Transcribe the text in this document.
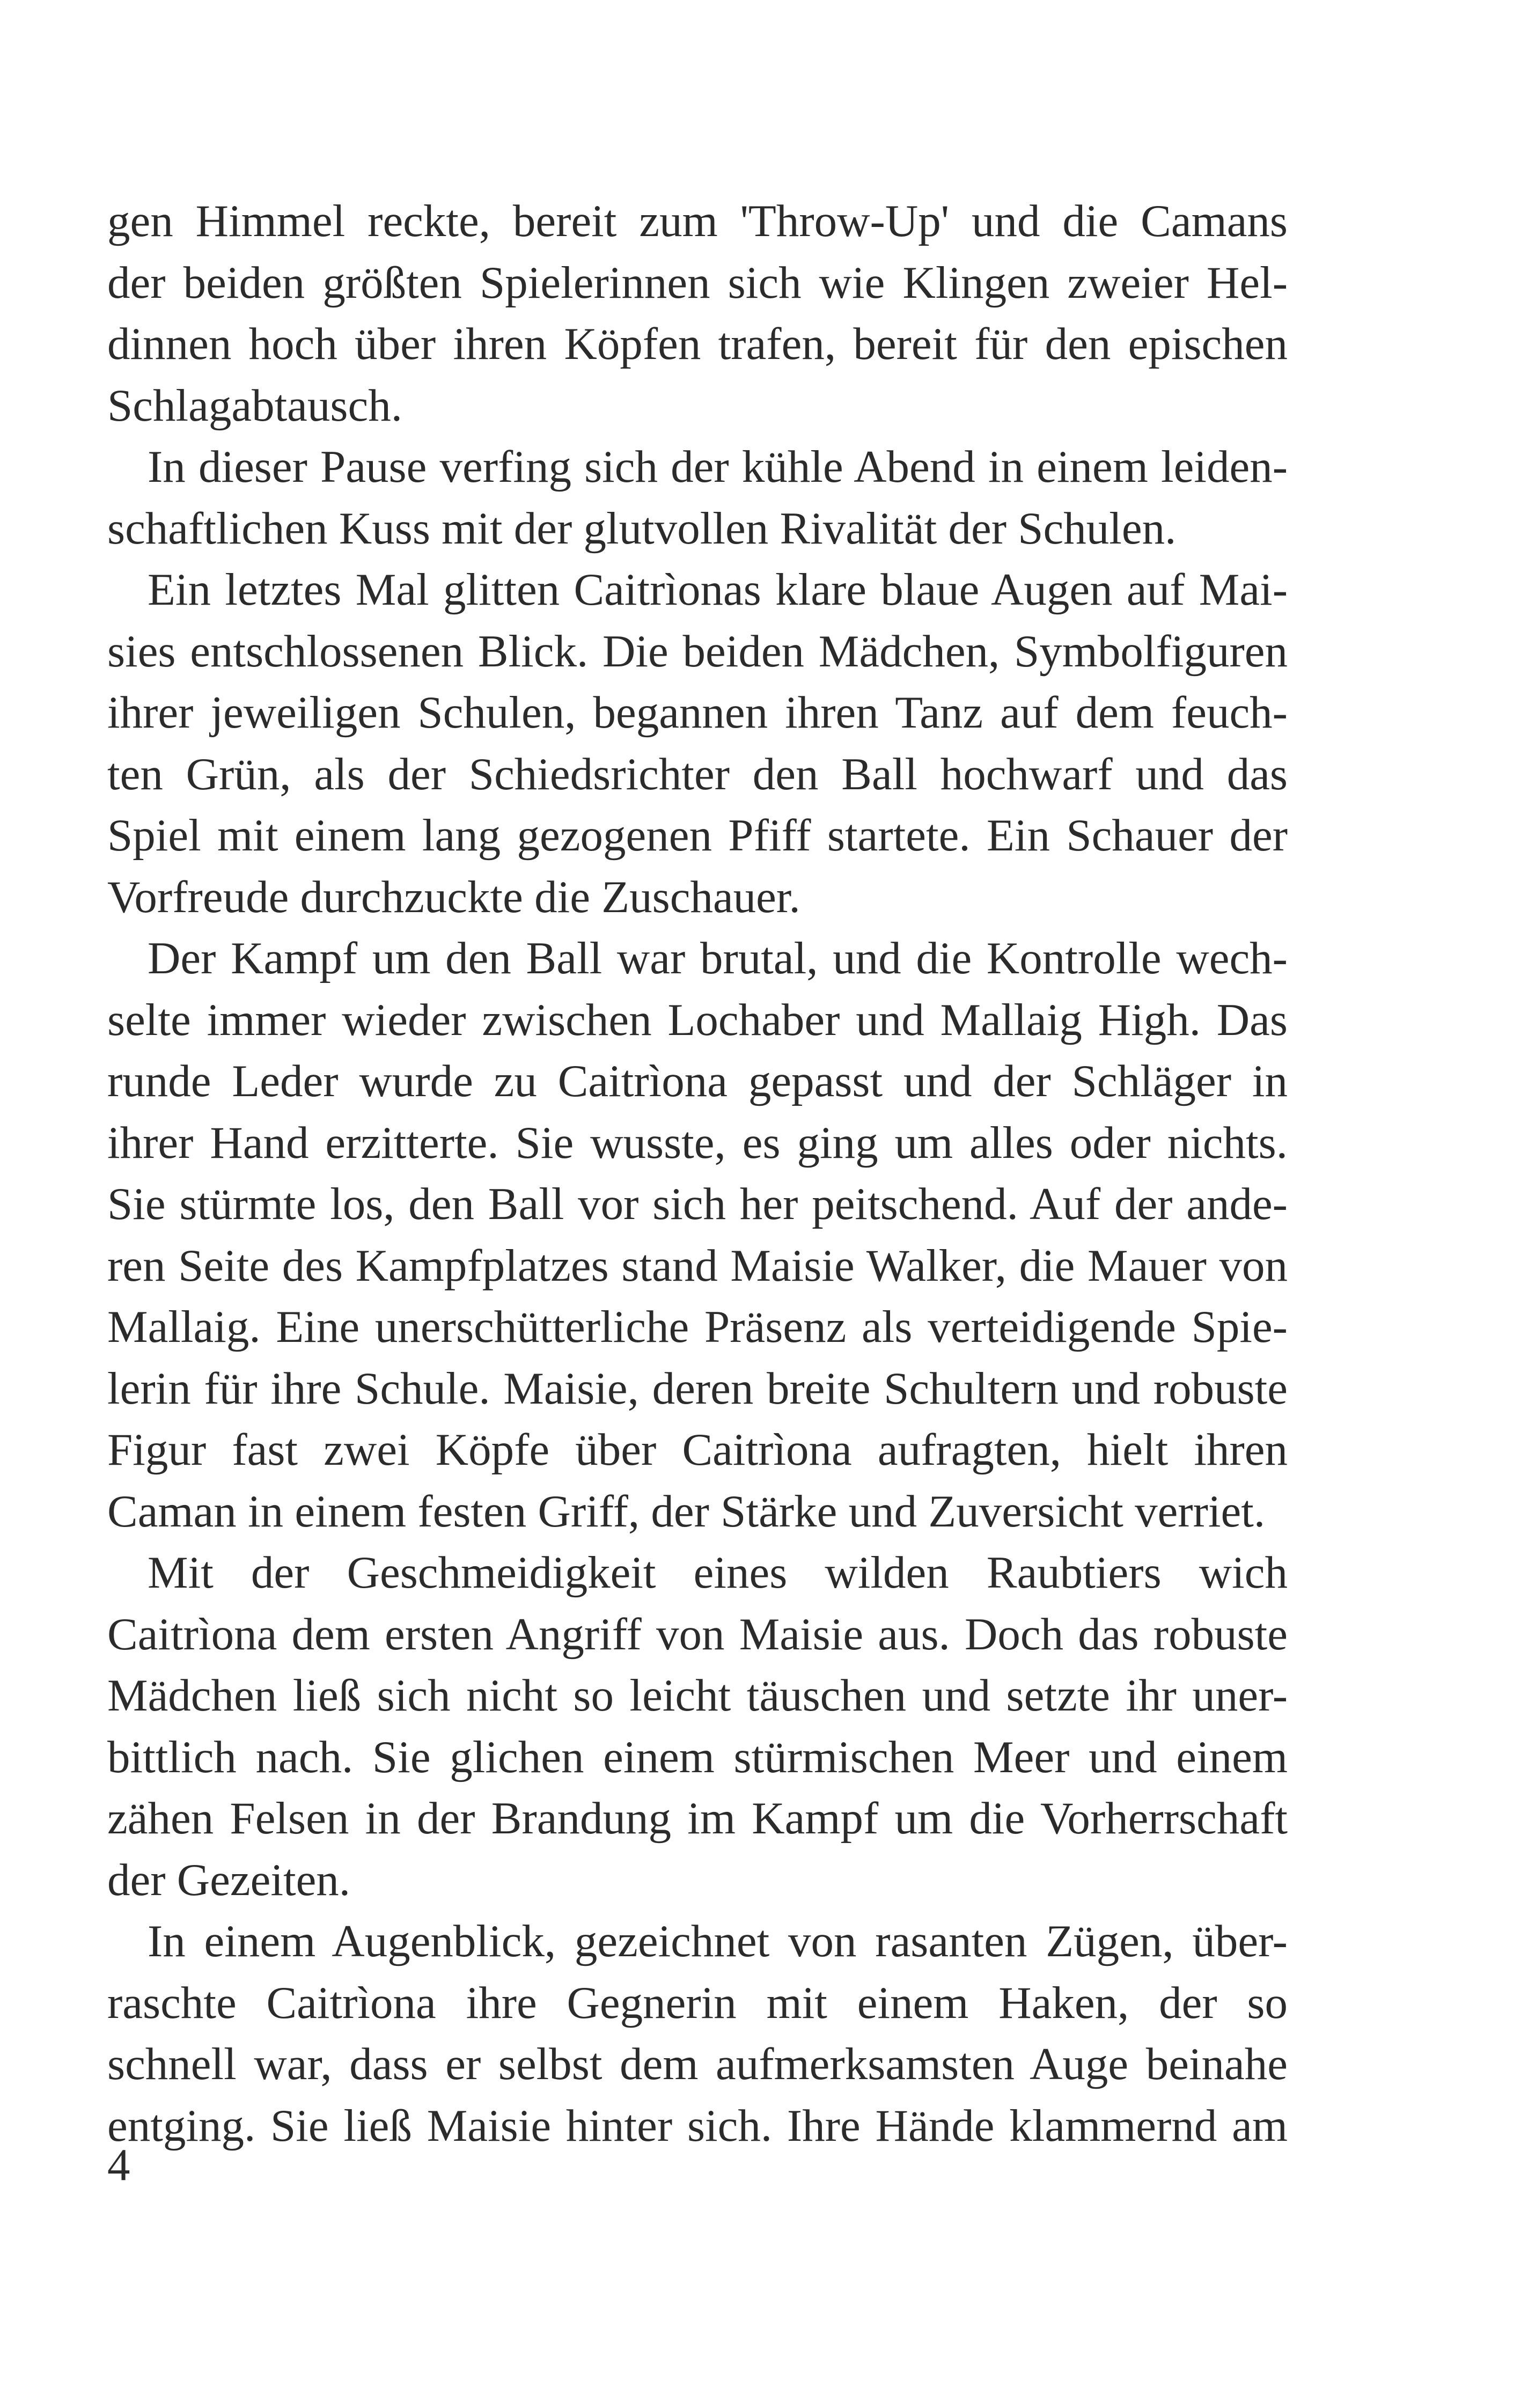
gen Himmel reckte, bereit zum 'Throw-Up' und die Camans
der beiden größten Spielerinnen sich wie Klingen zweier Hel-
dinnen hoch über ihren Köpfen trafen, bereit für den epischen
Schlagabtausch.
In dieser Pause verfing sich der kühle Abend in einem leiden-
schaftlichen Kuss mit der glutvollen Rivalität der Schulen.
Ein letztes Mal glitten Caitrìonas klare blaue Augen auf Mai-
sies entschlossenen Blick. Die beiden Mädchen, Symbolfiguren
ihrer jeweiligen Schulen, begannen ihren Tanz auf dem feuch-
ten Grün, als der Schiedsrichter den Ball hochwarf und das
Spiel mit einem lang gezogenen Pfiff startete. Ein Schauer der
Vorfreude durchzuckte die Zuschauer.
Der Kampf um den Ball war brutal, und die Kontrolle wech-
selte immer wieder zwischen Lochaber und Mallaig High. Das
runde Leder wurde zu Caitrìona gepasst und der Schläger in
ihrer Hand erzitterte. Sie wusste, es ging um alles oder nichts.
Sie stürmte los, den Ball vor sich her peitschend. Auf der ande-
ren Seite des Kampfplatzes stand Maisie Walker, die Mauer von
Mallaig. Eine unerschütterliche Präsenz als verteidigende Spie-
lerin für ihre Schule. Maisie, deren breite Schultern und robuste
Figur fast zwei Köpfe über Caitrìona aufragten, hielt ihren
Caman in einem festen Griff, der Stärke und Zuversicht verriet.
Mit der Geschmeidigkeit eines wilden Raubtiers wich
Caitrìona dem ersten Angriff von Maisie aus. Doch das robuste
Mädchen ließ sich nicht so leicht täuschen und setzte ihr uner-
bittlich nach. Sie glichen einem stürmischen Meer und einem
zähen Felsen in der Brandung im Kampf um die Vorherrschaft
der Gezeiten.
In einem Augenblick, gezeichnet von rasanten Zügen, über-
raschte Caitrìona ihre Gegnerin mit einem Haken, der so
schnell war, dass er selbst dem aufmerksamsten Auge beinahe
entging. Sie ließ Maisie hinter sich. Ihre Hände klammernd am
4
